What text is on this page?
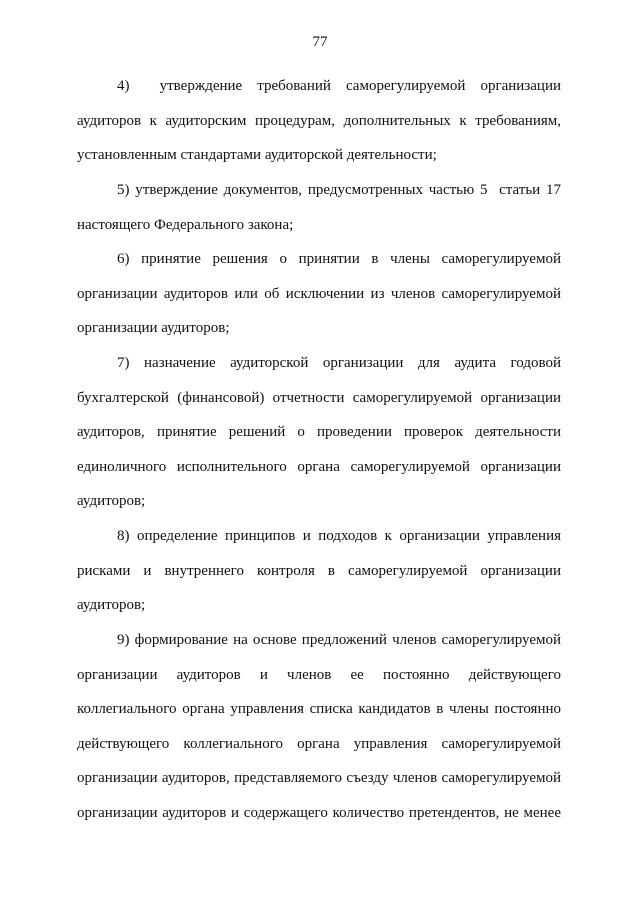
77
4)  утверждение требований саморегулируемой организации
аудиторов к аудиторским процедурам, дополнительных к требованиям,
установленным стандартами аудиторской деятельности;
5) утверждение документов, предусмотренных частью 5  статьи 17
настоящего Федерального закона;
6) принятие решения о принятии в члены саморегулируемой
организации аудиторов или об исключении из членов саморегулируемой
организации аудиторов;
7) назначение аудиторской организации для аудита годовой
бухгалтерской (финансовой) отчетности саморегулируемой организации
аудиторов, принятие решений о проведении проверок деятельности
единоличного исполнительного органа саморегулируемой организации
аудиторов;
8) определение принципов и подходов к организации управления
рисками и внутреннего контроля в саморегулируемой организации
аудиторов;
9) формирование на основе предложений членов саморегулируемой
организации аудиторов и членов ее постоянно действующего
коллегиального органа управления списка кандидатов в члены постоянно
действующего коллегиального органа управления саморегулируемой
организации аудиторов, представляемого съезду членов саморегулируемой
организации аудиторов и содержащего количество претендентов, не менее
